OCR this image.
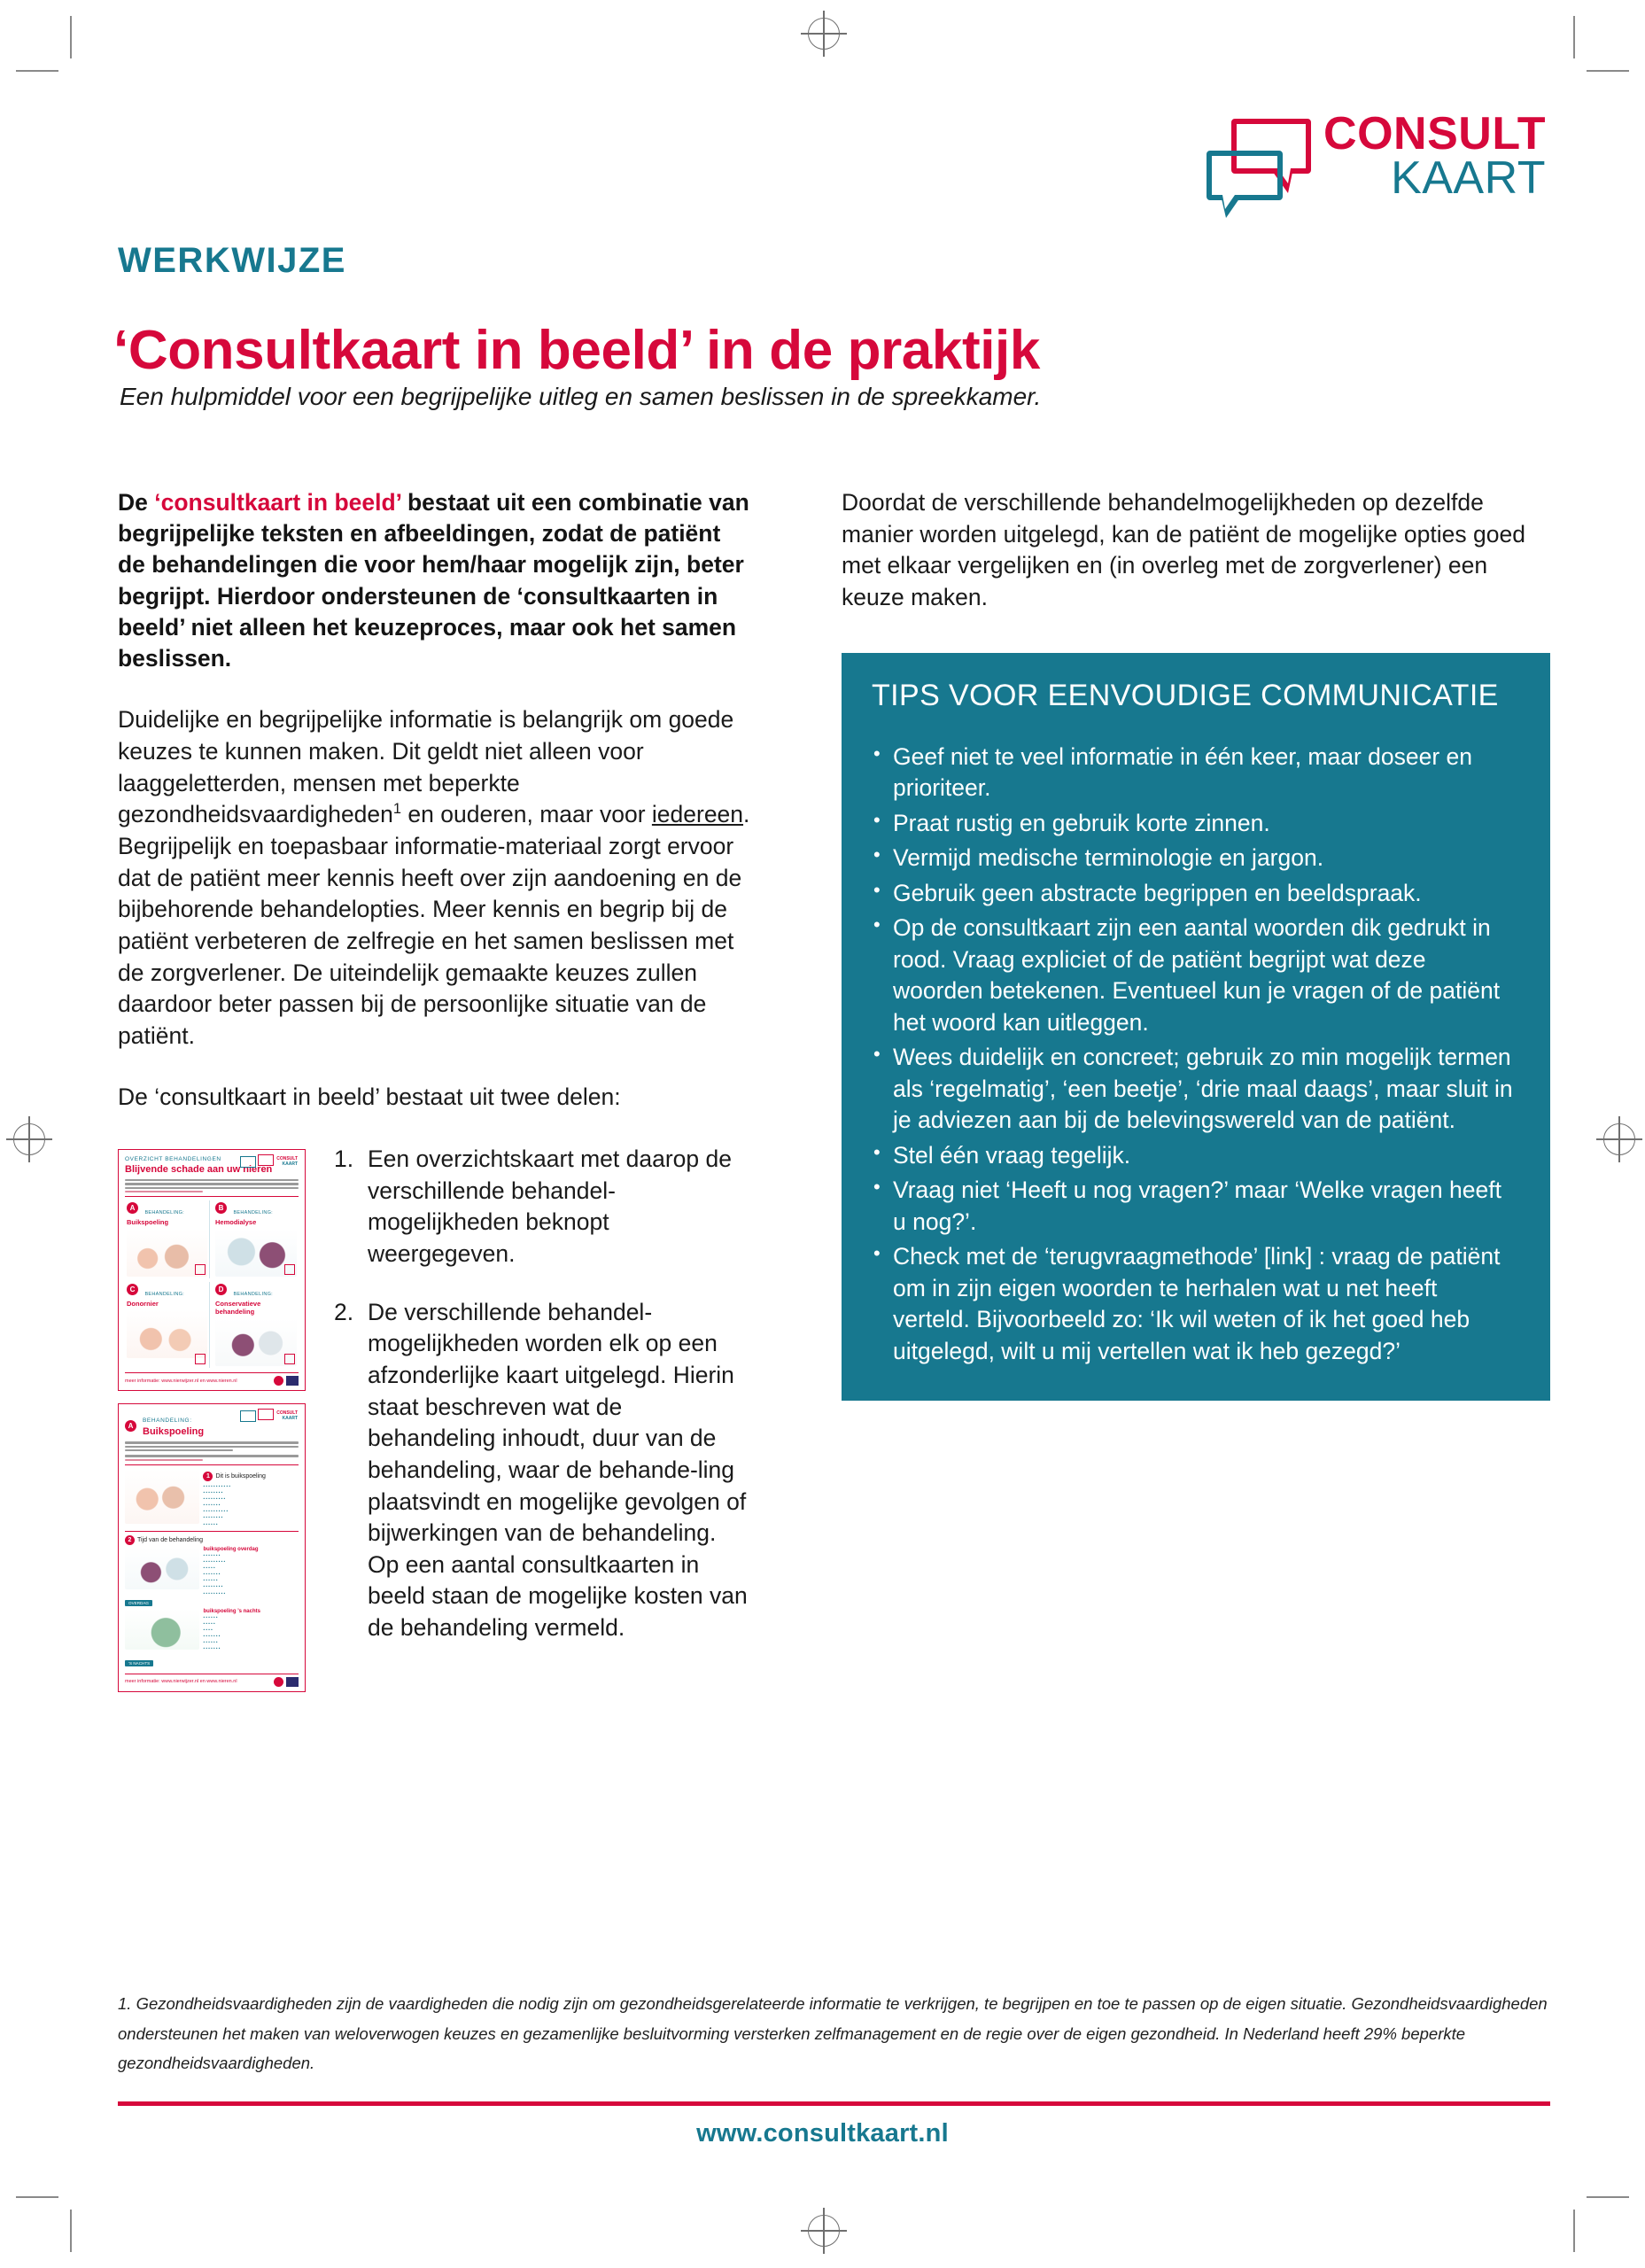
CONSULT
KAART
WERKWIJZE
‘Consultkaart in beeld’ in de praktijk
Een hulpmiddel voor een begrijpelijke uitleg en samen beslissen in de spreekkamer.

De ‘consultkaart in beeld’ bestaat uit een combinatie van begrijpelijke teksten en afbeeldingen, zodat de patiënt de behandelingen die voor hem/haar mogelijk zijn, beter begrijpt. Hierdoor ondersteunen de ‘consultkaarten in beeld’ niet alleen het keuzeproces, maar ook het samen beslissen.

Duidelijke en begrijpelijke informatie is belangrijk om goede keuzes te kunnen maken. Dit geldt niet alleen voor laaggeletterden, mensen met beperkte gezondheidsvaardigheden$^1$ en ouderen, maar voor iedereen. Begrijpelijk en toepasbaar informatie-materiaal zorgt ervoor dat de patiënt meer kennis heeft over zijn aandoening en de bijbehorende behandelopties. Meer kennis en begrip bij de patiënt verbeteren de zelfregie en het samen beslissen met de zorgverlener. De uiteindelijk gemaakte keuzes zullen daardoor beter passen bij de persoonlijke situatie van de patiënt.

De ‘consultkaart in beeld’ bestaat uit twee delen:

CONSULT
KAART
OVERZICHT BEHANDELINGEN
Blijvende schade aan uw nieren
A BEHANDELING:
Buikspoeling
B BEHANDELING:
Hemodialyse
C BEHANDELING:
Donornier
D BEHANDELING:
Conservatieve behandeling
meer informatie: www.nierwijzer.nl en www.nieren.nl
CONSULT
KAART
A
BEHANDELING:
Buikspoeling
1 Dit is buikspoeling
• • • • • • • • • • •
• • • • • • • •
• • • • • • • • •
• • • • • • •
• • • • • • • • • •
• • • • • • • •
• • • • • •
2 Tijd van de behandeling
OVERDAG
buikspoeling overdag
• • • • • • •
• • • • • • • • •
• • • • •
• • • • • • •
• • • • • •
• • • • • • • •
• • • • • • • • •
’S NACHTS
buikspoeling ’s nachts
• • • • • •
• • • • •
• • • •
• • • • • • •
• • • • • •
• • • • • • •
meer informatie: www.nierwijzer.nl en www.nieren.nl
1. Een overzichtskaart met daarop de verschillende behandel-mogelijkheden beknopt weergegeven.
2. De verschillende behandel-mogelijkheden worden elk op een afzonderlijke kaart uitgelegd. Hierin staat beschreven wat de behandeling inhoudt, duur van de behandeling, waar de behande-ling plaatsvindt en mogelijke gevolgen of bijwerkingen van de behandeling. Op een aantal consultkaarten in beeld staan de mogelijke kosten van de behandeling vermeld.

Doordat de verschillende behandelmogelijkheden op dezelfde manier worden uitgelegd, kan de patiënt de mogelijke opties goed met elkaar vergelijken en (in overleg met de zorgverlener) een keuze maken.

TIPS VOOR EENVOUDIGE COMMUNICATIE
• Geef niet te veel informatie in één keer, maar doseer en prioriteer.
• Praat rustig en gebruik korte zinnen.
• Vermijd medische terminologie en jargon.
• Gebruik geen abstracte begrippen en beeldspraak.
• Op de consultkaart zijn een aantal woorden dik gedrukt in rood. Vraag expliciet of de patiënt begrijpt wat deze woorden betekenen. Eventueel kun je vragen of de patiënt het woord kan uitleggen.
• Wees duidelijk en concreet; gebruik zo min mogelijk termen als ‘regelmatig’, ‘een beetje’, ‘drie maal daags’, maar sluit in je adviezen aan bij de belevingswereld van de patiënt.
• Stel één vraag tegelijk.
• Vraag niet ‘Heeft u nog vragen?’ maar ‘Welke vragen heeft u nog?’.
• Check met de ‘terugvraagmethode’ [link] : vraag de patiënt om in zijn eigen woorden te herhalen wat u net heeft verteld. Bijvoorbeeld zo: ‘Ik wil weten of ik het goed heb uitgelegd, wilt u mij vertellen wat ik heb gezegd?’
1. Gezondheidsvaardigheden zijn de vaardigheden die nodig zijn om gezondheidsgerelateerde informatie te verkrijgen, te begrijpen en toe te passen op de eigen situatie. Gezondheidsvaardigheden ondersteunen het maken van weloverwogen keuzes en gezamenlijke besluitvorming versterken zelfmanagement en de regie over de eigen gezondheid. In Nederland heeft 29% beperkte gezondheidsvaardigheden.
www.consultkaart.nl
